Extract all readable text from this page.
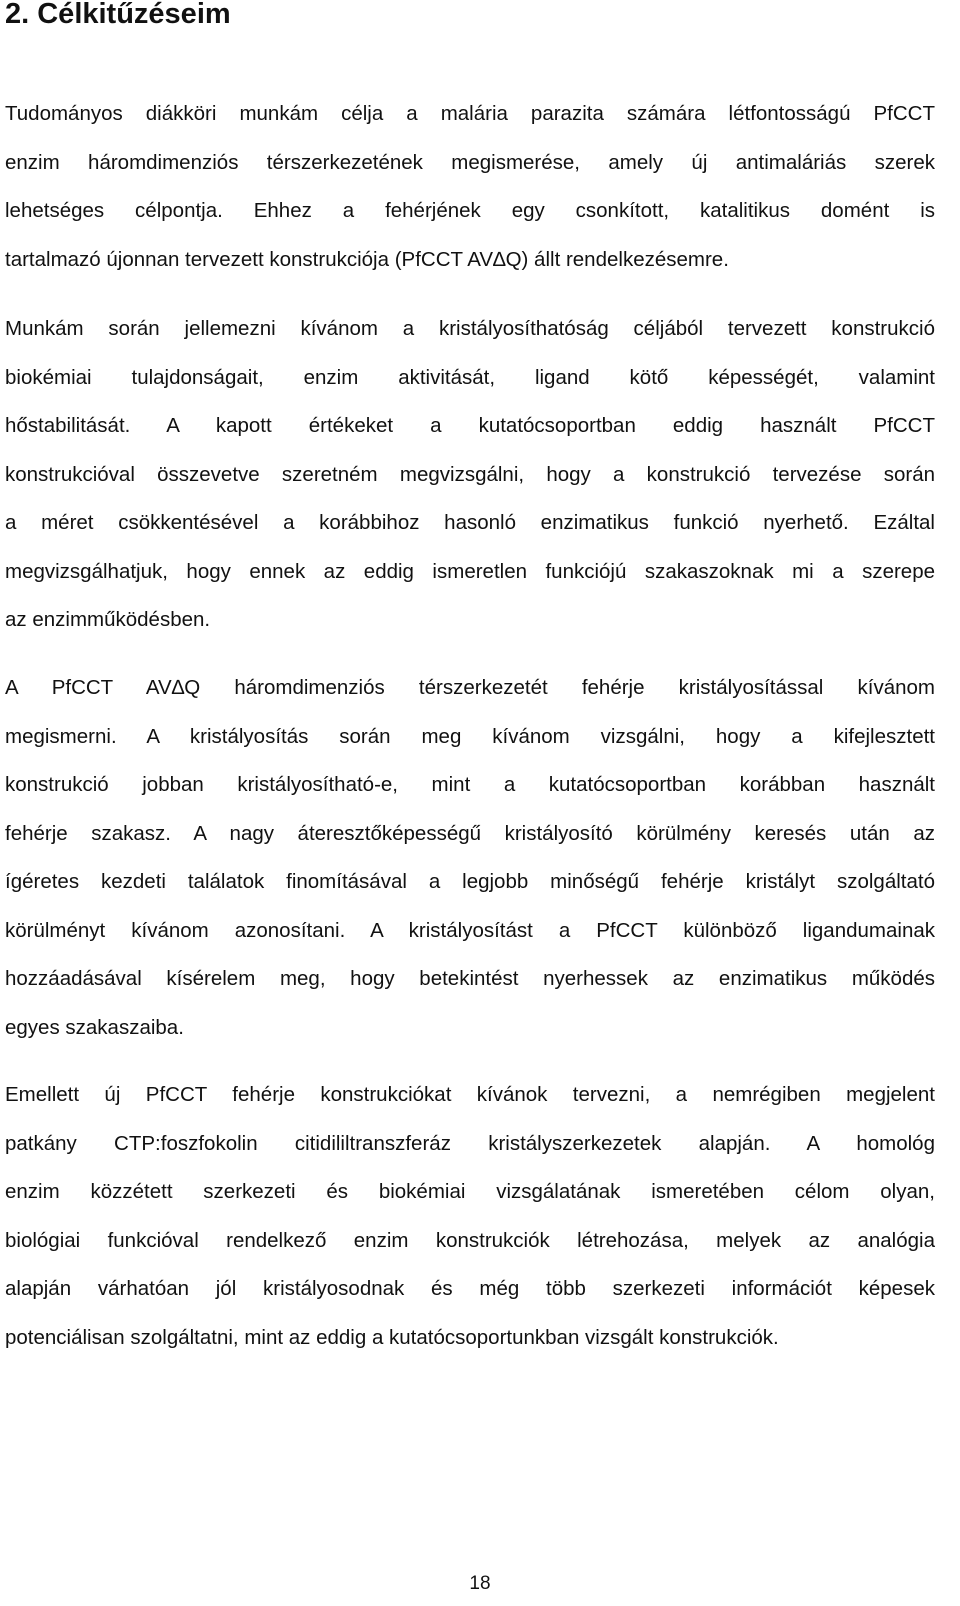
2. Célkitűzéseim

Tudományos diákköri munkám célja a malária parazita számára létfontosságú PfCCT
enzim háromdimenziós térszerkezetének megismerése, amely új antimaláriás szerek
lehetséges célpontja. Ehhez a fehérjének egy csonkított, katalitikus domént is
tartalmazó újonnan tervezett konstrukciója (PfCCT AV∆Q) állt rendelkezésemre.

Munkám során jellemezni kívánom a kristályosíthatóság céljából tervezett konstrukció
biokémiai tulajdonságait, enzim aktivitását, ligand kötő képességét, valamint
hőstabilitását. A kapott értékeket a kutatócsoportban eddig használt PfCCT
konstrukcióval összevetve szeretném megvizsgálni, hogy a konstrukció tervezése során
a méret csökkentésével a korábbihoz hasonló enzimatikus funkció nyerhető. Ezáltal
megvizsgálhatjuk, hogy ennek az eddig ismeretlen funkciójú szakaszoknak mi a szerepe
az enzimműködésben.

A PfCCT AV∆Q háromdimenziós térszerkezetét fehérje kristályosítással kívánom
megismerni. A kristályosítás során meg kívánom vizsgálni, hogy a kifejlesztett
konstrukció jobban kristályosítható-e, mint a kutatócsoportban korábban használt
fehérje szakasz. A nagy áteresztőképességű kristályosító körülmény keresés után az
ígéretes kezdeti találatok finomításával a legjobb minőségű fehérje kristályt szolgáltató
körülményt kívánom azonosítani. A kristályosítást a PfCCT különböző ligandumainak
hozzáadásával kísérelem meg, hogy betekintést nyerhessek az enzimatikus működés
egyes szakaszaiba.

Emellett új PfCCT fehérje konstrukciókat kívánok tervezni, a nemrégiben megjelent
patkány CTP:foszfokolin citidililtranszferáz kristályszerkezetek alapján. A homológ
enzim közzétett szerkezeti és biokémiai vizsgálatának ismeretében célom olyan,
biológiai funkcióval rendelkező enzim konstrukciók létrehozása, melyek az analógia
alapján várhatóan jól kristályosodnak és még több szerkezeti információt képesek
potenciálisan szolgáltatni, mint az eddig a kutatócsoportunkban vizsgált konstrukciók.

18
